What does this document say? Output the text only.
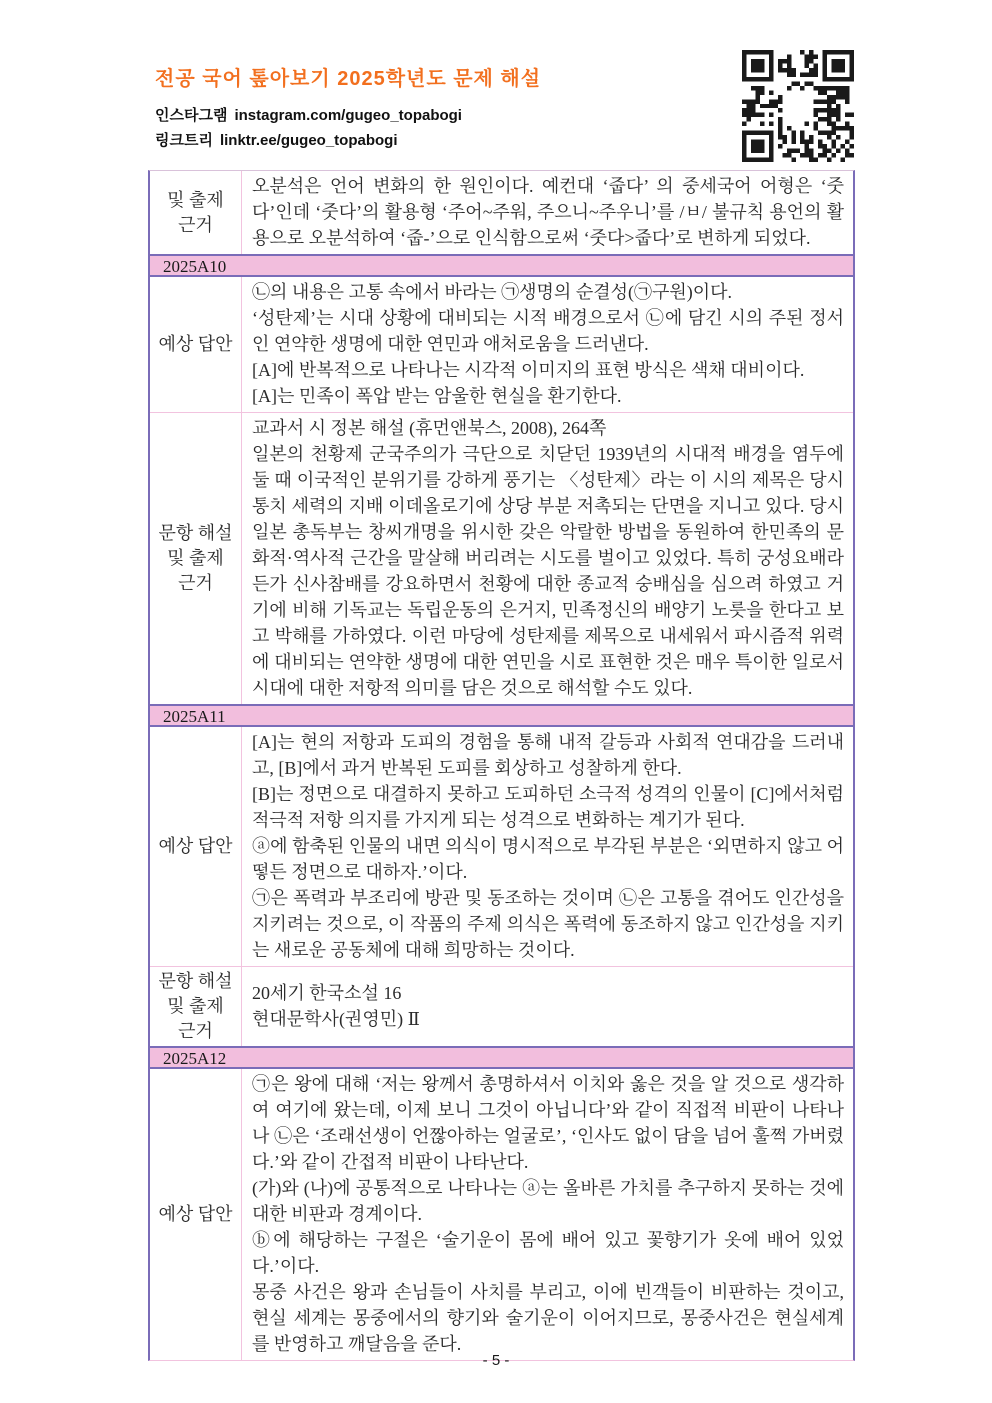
전공 국어 톺아보기 2025학년도 문제 해설
인스타그램 instagram.com/gugeo_topabogi
링크트리 linktr.ee/gugeo_topabogi
및 출제
근거

오분석은 언어 변화의 한 원인이다. 예컨대 ‘줍다’ 의 중세국어 어형은 ‘줏다’인데 ‘줏다’의 활용형 ‘주어~주워, 주으니~주우니’를 /ㅂ/ 불규칙 용언의 활용으로 오분석하여 ‘줍-’으로 인식함으로써 ‘줏다>줍다’로 변하게 되었다.

2025A10
예상 답안

㉡의 내용은 고통 속에서 바라는 ㉠생명의 순결성(㉠구원)이다.

‘성탄제’는 시대 상황에 대비되는 시적 배경으로서 ㉡에 담긴 시의 주된 정서인 연약한 생명에 대한 연민과 애처로움을 드러낸다.

[A]에 반복적으로 나타나는 시각적 이미지의 표현 방식은 색채 대비이다.

[A]는 민족이 폭압 받는 암울한 현실을 환기한다.

문항 해설
및 출제
근거

교과서 시 정본 해설 (휴먼앤북스, 2008), 264쪽

일본의 천황제 군국주의가 극단으로 치닫던 1939년의 시대적 배경을 염두에 둘 때 이국적인 분위기를 강하게 풍기는 〈성탄제〉라는 이 시의 제목은 당시 통치 세력의 지배 이데올로기에 상당 부분 저촉되는 단면을 지니고 있다. 당시 일본 총독부는 창씨개명을 위시한 갖은 악랄한 방법을 동원하여 한민족의 문화적·역사적 근간을 말살해 버리려는 시도를 벌이고 있었다. 특히 궁성요배라든가 신사참배를 강요하면서 천황에 대한 종교적 숭배심을 심으려 하였고 거기에 비해 기독교는 독립운동의 은거지, 민족정신의 배양기 노릇을 한다고 보고 박해를 가하였다. 이런 마당에 성탄제를 제목으로 내세워서 파시즘적 위력에 대비되는 연약한 생명에 대한 연민을 시로 표현한 것은 매우 특이한 일로서 시대에 대한 저항적 의미를 담은 것으로 해석할 수도 있다.

2025A11
예상 답안

[A]는 현의 저항과 도피의 경험을 통해 내적 갈등과 사회적 연대감을 드러내고, [B]에서 과거 반복된 도피를 회상하고 성찰하게 한다.

[B]는 정면으로 대결하지 못하고 도피하던 소극적 성격의 인물이 [C]에서처럼 적극적 저항 의지를 가지게 되는 성격으로 변화하는 계기가 된다.

ⓐ에 함축된 인물의 내면 의식이 명시적으로 부각된 부분은 ‘외면하지 않고 어떻든 정면으로 대하자.’이다.

㉠은 폭력과 부조리에 방관 및 동조하는 것이며 ㉡은 고통을 겪어도 인간성을 지키려는 것으로, 이 작품의 주제 의식은 폭력에 동조하지 않고 인간성을 지키는 새로운 공동체에 대해 희망하는 것이다.

문항 해설
및 출제
근거

20세기 한국소설 16

현대문학사(권영민) Ⅱ

2025A12
예상 답안

㉠은 왕에 대해 ‘저는 왕께서 총명하셔서 이치와 옳은 것을 알 것으로 생각하여 여기에 왔는데, 이제 보니 그것이 아닙니다’와 같이 직접적 비판이 나타나나 ㉡은 ‘조래선생이 언짢아하는 얼굴로’, ‘인사도 없이 담을 넘어 훌쩍 가버렸다.’와 같이 간접적 비판이 나타난다.

(가)와 (나)에 공통적으로 나타나는 ⓐ는 올바른 가치를 추구하지 못하는 것에 대한 비판과 경계이다.

ⓑ에 해당하는 구절은 ‘술기운이 몸에 배어 있고 꽃향기가 옷에 배어 있었다.’이다.

몽중 사건은 왕과 손님들이 사치를 부리고, 이에 빈객들이 비판하는 것이고, 현실 세계는 몽중에서의 향기와 술기운이 이어지므로, 몽중사건은 현실세계를 반영하고 깨달음을 준다.

- 5 -
